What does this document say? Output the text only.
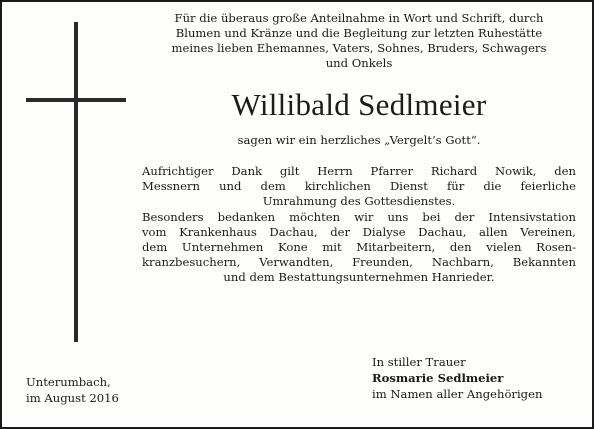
Für die überaus große Anteilnahme in Wort und Schrift, durch
Blumen und Kränze und die Begleitung zur letzten Ruhestätte
meines lieben Ehemannes, Vaters, Sohnes, Bruders, Schwagers
und Onkels
Willibald Sedlmeier
sagen wir ein herzliches „Vergelt‘s Gott“.
Aufrichtiger Dank gilt Herrn Pfarrer Richard Nowik, den
Messnern und dem kirchlichen Dienst für die feierliche
Umrahmung des Gottesdienstes.
Besonders bedanken möchten wir uns bei der Intensivstation
vom Krankenhaus Dachau, der Dialyse Dachau, allen Vereinen,
dem Unternehmen Kone mit Mitarbeitern, den vielen Rosen-
kranzbesuchern, Verwandten, Freunden, Nachbarn, Bekannten
und dem Bestattungsunternehmen Hanrieder.
Unterumbach,
im August 2016
In stiller Trauer
Rosmarie Sedlmeier
im Namen aller Angehörigen
